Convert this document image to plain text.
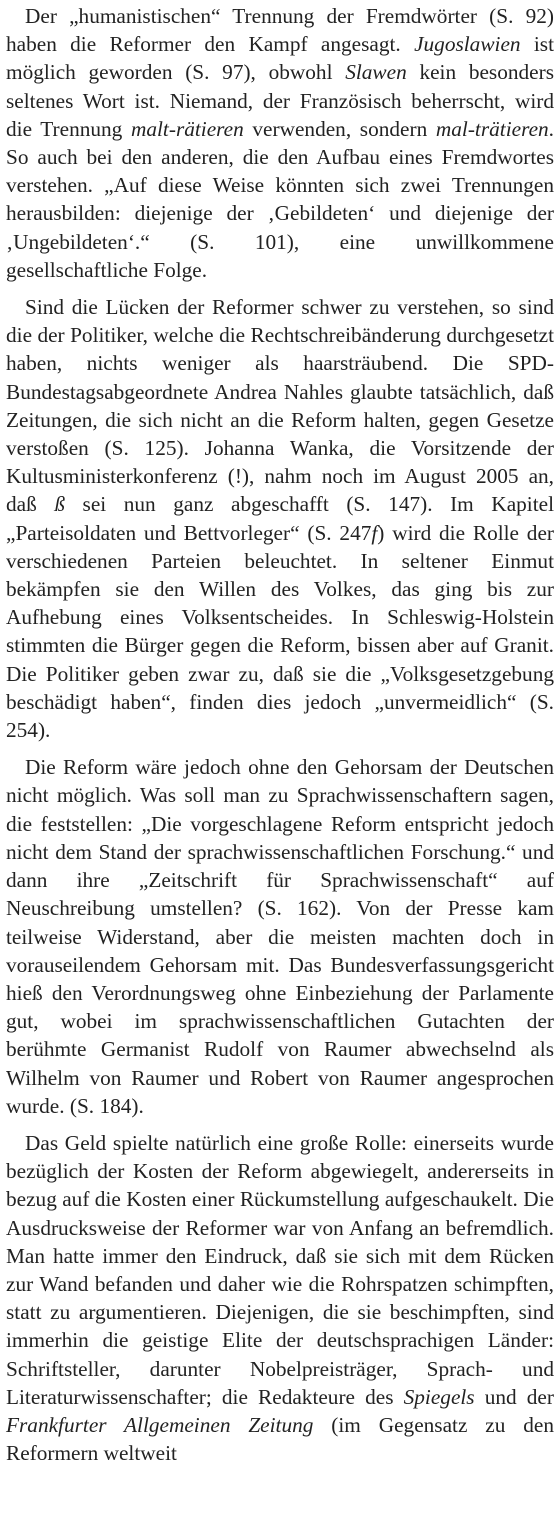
Der „humanistischen“ Trennung der Fremdwörter (S. 92) haben die Reformer den Kampf angesagt. Jugoslawien ist möglich geworden (S. 97), obwohl Slawen kein besonders seltenes Wort ist. Niemand, der Französisch beherrscht, wird die Trennung malt-rätieren verwenden, sondern mal-trätieren. So auch bei den anderen, die den Aufbau eines Fremdwortes verstehen. „Auf diese Weise könnten sich zwei Trennungen herausbilden: diejenige der ‚Gebildeten‘ und diejenige der ‚Ungebildeten‘.“ (S. 101), eine unwillkommene gesellschaftliche Folge.

Sind die Lücken der Reformer schwer zu verstehen, so sind die der Politiker, welche die Rechtschreibänderung durchgesetzt haben, nichts weniger als haarsträubend. Die SPD-Bundestagsabgeordnete Andrea Nahles glaubte tatsächlich, daß Zeitungen, die sich nicht an die Reform halten, gegen Gesetze verstoßen (S. 125). Johanna Wanka, die Vorsitzende der Kultusministerkonferenz (!), nahm noch im August 2005 an, daß ß sei nun ganz abgeschafft (S. 147). Im Kapitel „Parteisoldaten und Bettvorleger“ (S. 247f) wird die Rolle der verschiedenen Parteien beleuchtet. In seltener Einmut bekämpfen sie den Willen des Volkes, das ging bis zur Aufhebung eines Volksentscheides. In Schleswig-Holstein stimmten die Bürger gegen die Reform, bissen aber auf Granit. Die Politiker geben zwar zu, daß sie die „Volksgesetzgebung beschädigt haben“, finden dies jedoch „unvermeidlich“ (S. 254).

Die Reform wäre jedoch ohne den Gehorsam der Deutschen nicht möglich. Was soll man zu Sprachwissenschaftern sagen, die feststellen: „Die vorgeschlagene Reform entspricht jedoch nicht dem Stand der sprachwissenschaftlichen Forschung.“ und dann ihre „Zeitschrift für Sprachwissenschaft“ auf Neuschreibung umstellen? (S. 162). Von der Presse kam teilweise Widerstand, aber die meisten machten doch in vorauseilendem Gehorsam mit. Das Bundesverfassungsgericht hieß den Verordnungsweg ohne Einbeziehung der Parlamente gut, wobei im sprachwissenschaftlichen Gutachten der berühmte Germanist Rudolf von Raumer abwechselnd als Wilhelm von Raumer und Robert von Raumer angesprochen wurde. (S. 184).

Das Geld spielte natürlich eine große Rolle: einerseits wurde bezüglich der Kosten der Reform abgewiegelt, andererseits in bezug auf die Kosten einer Rückumstellung aufgeschaukelt. Die Ausdrucksweise der Reformer war von Anfang an befremdlich. Man hatte immer den Eindruck, daß sie sich mit dem Rücken zur Wand befanden und daher wie die Rohrspatzen schimpften, statt zu argumentieren. Diejenigen, die sie beschimpften, sind immerhin die geistige Elite der deutschsprachigen Länder: Schriftsteller, darunter Nobelpreisträger, Sprach- und Literaturwissenschafter; die Redakteure des Spiegels und der Frankfurter Allgemeinen Zeitung (im Gegensatz zu den Reformern weltweit
